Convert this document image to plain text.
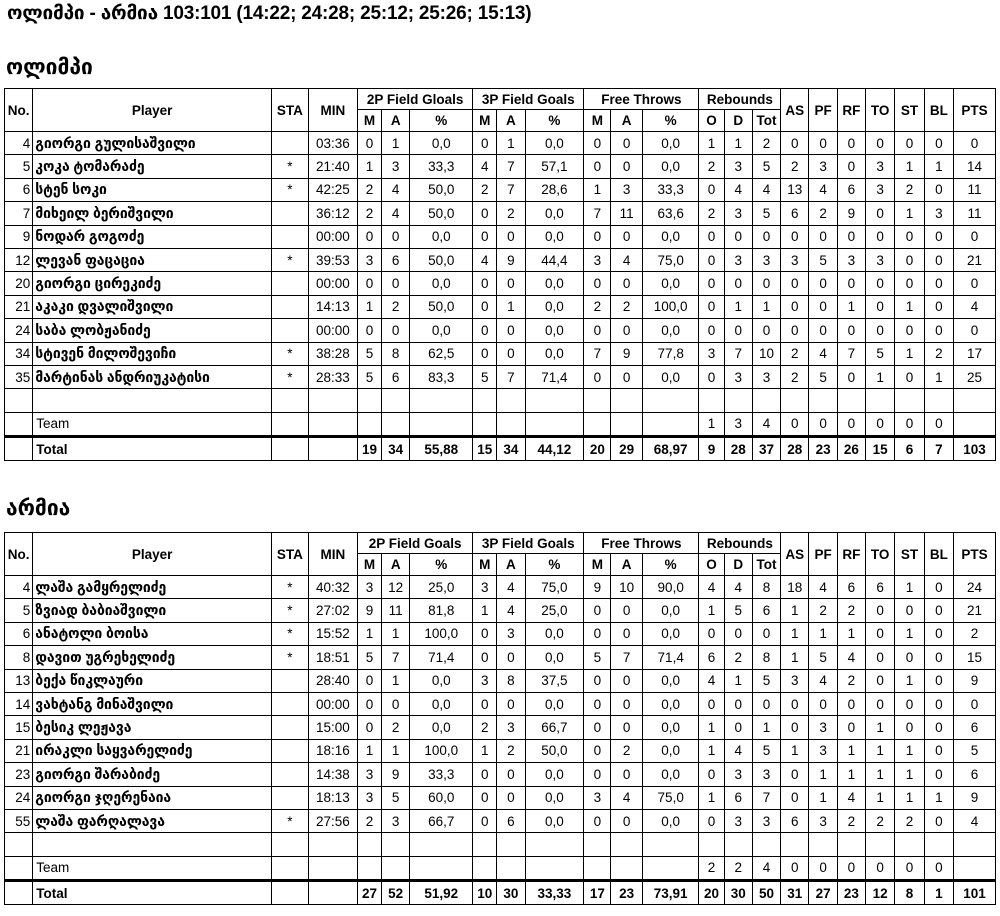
ოლიმპი - არმია 103:101 (14:22; 24:28; 25:12; 25:26; 15:13)
ოლიმპი
No.	Player	STA	MIN	2P Field Gloals			3P Field Goals			Free Throws			Rebounds			AS	PF	RF	TO	ST	BL	PTS
				M	A	%	M	A	%	M	A	%	O	D	Tot							
4	გიორგი გულისაშვილი		03:36	0	1	0,0	0	1	0,0	0	0	0,0	1	1	2	0	0	0	0	0	0	0
5	კოკა ტომარაძე	*	21:40	1	3	33,3	4	7	57,1	0	0	0,0	2	3	5	2	3	0	3	1	1	14
6	სტენ სოკი	*	42:25	2	4	50,0	2	7	28,6	1	3	33,3	0	4	4	13	4	6	3	2	0	11
7	მიხეილ ბერიშვილი		36:12	2	4	50,0	0	2	0,0	7	11	63,6	2	3	5	6	2	9	0	1	3	11
9	ნოდარ გოგოძე		00:00	0	0	0,0	0	0	0,0	0	0	0,0	0	0	0	0	0	0	0	0	0	0
12	ლევან ფაცაცია	*	39:53	3	6	50,0	4	9	44,4	3	4	75,0	0	3	3	3	5	3	3	0	0	21
20	გიორგი ცირეკიძე		00:00	0	0	0,0	0	0	0,0	0	0	0,0	0	0	0	0	0	0	0	0	0	0
21	აკაკი დვალიშვილი		14:13	1	2	50,0	0	1	0,0	2	2	100,0	0	1	1	0	0	1	0	1	0	4
24	საბა ლობჟანიძე		00:00	0	0	0,0	0	0	0,0	0	0	0,0	0	0	0	0	0	0	0	0	0	0
34	სტივენ მილოშევიჩი	*	38:28	5	8	62,5	0	0	0,0	7	9	77,8	3	7	10	2	4	7	5	1	2	17
35	მარტინას ანდრიუკატისი	*	28:33	5	6	83,3	5	7	71,4	0	0	0,0	0	3	3	2	5	0	1	0	1	25

	Team												1	3	4	0	0	0	0	0	0	
	Total			19	34	55,88	15	34	44,12	20	29	68,97	9	28	37	28	23	26	15	6	7	103
არმია
No.	Player	STA	MIN	2P Field Goals			3P Field Goals			Free Throws			Rebounds			AS	PF	RF	TO	ST	BL	PTS
				M	A	%	M	A	%	M	A	%	O	D	Tot							
4	ლაშა გამყრელიძე	*	40:32	3	12	25,0	3	4	75,0	9	10	90,0	4	4	8	18	4	6	6	1	0	24
5	ზვიად ბაბიაშვილი	*	27:02	9	11	81,8	1	4	25,0	0	0	0,0	1	5	6	1	2	2	0	0	0	21
6	ანატოლი ბოისა	*	15:52	1	1	100,0	0	3	0,0	0	0	0,0	0	0	0	1	1	1	0	1	0	2
8	დავით უგრეხელიძე	*	18:51	5	7	71,4	0	0	0,0	5	7	71,4	6	2	8	1	5	4	0	0	0	15
13	ბექა წიკლაური		28:40	0	1	0,0	3	8	37,5	0	0	0,0	4	1	5	3	4	2	0	1	0	9
14	ვახტანგ მინაშვილი		00:00	0	0	0,0	0	0	0,0	0	0	0,0	0	0	0	0	0	0	0	0	0	0
15	ბესიკ ლეჟავა		15:00	0	2	0,0	2	3	66,7	0	0	0,0	1	0	1	0	3	0	1	0	0	6
21	ირაკლი საყვარელიძე		18:16	1	1	100,0	1	2	50,0	0	2	0,0	1	4	5	1	3	1	1	1	0	5
23	გიორგი შარაბიძე		14:38	3	9	33,3	0	0	0,0	0	0	0,0	0	3	3	0	1	1	1	1	0	6
24	გიორგი ჯღერენაია		18:13	3	5	60,0	0	0	0,0	3	4	75,0	1	6	7	0	1	4	1	1	1	9
55	ლაშა ფარღალავა	*	27:56	2	3	66,7	0	6	0,0	0	0	0,0	0	3	3	6	3	2	2	2	0	4

	Team												2	2	4	0	0	0	0	0	0	
	Total			27	52	51,92	10	30	33,33	17	23	73,91	20	30	50	31	27	23	12	8	1	101
